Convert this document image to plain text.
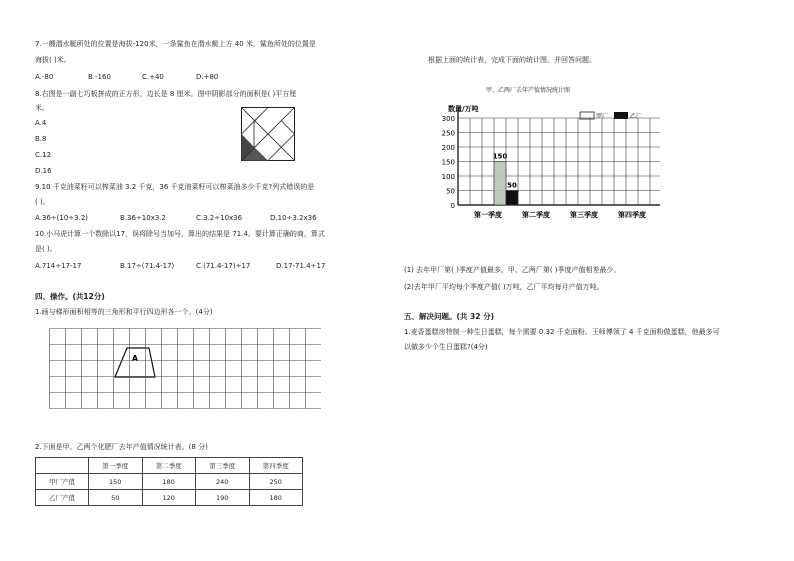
7.一艘潜水艇所处的位置是海拔-120米，一条鲨鱼在潜水艇上方 40 米，鲨鱼所处的位置是
海拔( )米。
A.-80	B.-160	C.+40	D.+80
8.右图是一副七巧板拼成的正方形，边长是 8 厘米。图中阴影部分的面积是( )平方厘
米。
A.4
B.8
C.12
D.16
9.10 千克油菜籽可以榨菜油 3.2 千克，36 千克油菜籽可以榨菜油多少千克?列式错误的是
( )。
A.36÷(10÷3.2)	B.36÷10x3.2	C.3.2÷10x36	D.10÷3.2x36
10.小马虎计算一个数除以17，误将除号当加号，算出的结果是 71.4。要计算正确的商，算式
是( )。
A.714÷17-17	B.17÷(71.4-17)	C.(71.4-17)÷17	D.17-71.4÷17
四、操作。(共12分)
1.画与梯形面积相等的三角形和平行四边形各一个。(4分)
A
2.下面是甲、乙两个化肥厂去年产值情况统计表。(8 分)
	第一季度	第二季度	第三季度	第四季度
甲厂产值	150	180	240	250
乙厂产值	50	120	190	180
根据上面的统计表，完成下面的统计图，并回答问题。
甲、乙两厂去年产值情况统计图
数量/万吨
甲厂	乙厂
300
250
200
150
100
50
0
150
50
第一季度	第二季度	第三季度	第四季度
(1) 去年甲厂第( )季度产值最多，甲、乙两厂第( )季度产值相差最少。
(2)去年甲厂平均每个季度产值( )万吨，乙厂平均每月产值万吨。
五、解决问题。(共 32 分)
1.麦香蛋糕房特制一种生日蛋糕，每个需要 0.32 千克面粉。王师傅领了 4 千克面粉做蛋糕，他最多可
以做多少个生日蛋糕?(4分)
